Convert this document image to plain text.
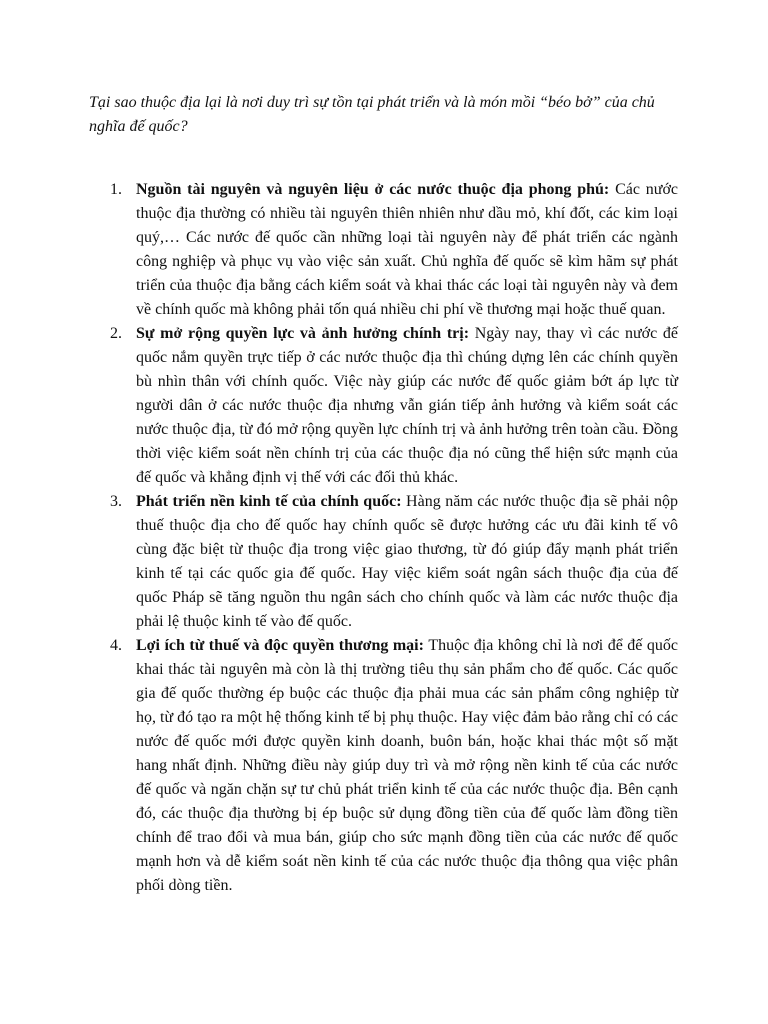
Tại sao thuộc địa lại là nơi duy trì sự tồn tại phát triển và là món mồi “béo bở” của chủ nghĩa đế quốc?

1. Nguồn tài nguyên và nguyên liệu ở các nước thuộc địa phong phú: Các nước thuộc địa thường có nhiều tài nguyên thiên nhiên như dầu mỏ, khí đốt, các kim loại quý,… Các nước đế quốc cần những loại tài nguyên này để phát triển các ngành công nghiệp và phục vụ vào việc sản xuất. Chủ nghĩa đế quốc sẽ kìm hãm sự phát triển của thuộc địa bằng cách kiểm soát và khai thác các loại tài nguyên này và đem về chính quốc mà không phải tốn quá nhiều chi phí về thương mại hoặc thuế quan.
2. Sự mở rộng quyền lực và ảnh hưởng chính trị: Ngày nay, thay vì các nước đế quốc nắm quyền trực tiếp ở các nước thuộc địa thì chúng dựng lên các chính quyền bù nhìn thân với chính quốc. Việc này giúp các nước đế quốc giảm bớt áp lực từ người dân ở các nước thuộc địa nhưng vẫn gián tiếp ảnh hưởng và kiểm soát các nước thuộc địa, từ đó mở rộng quyền lực chính trị và ảnh hưởng trên toàn cầu. Đồng thời việc kiểm soát nền chính trị của các thuộc địa nó cũng thể hiện sức mạnh của đế quốc và khẳng định vị thế với các đối thủ khác.
3. Phát triển nền kinh tế của chính quốc: Hàng năm các nước thuộc địa sẽ phải nộp thuế thuộc địa cho đế quốc hay chính quốc sẽ được hưởng các ưu đãi kinh tế vô cùng đặc biệt từ thuộc địa trong việc giao thương, từ đó giúp đẩy mạnh phát triển kinh tế tại các quốc gia đế quốc. Hay việc kiểm soát ngân sách thuộc địa của đế quốc Pháp sẽ tăng nguồn thu ngân sách cho chính quốc và làm các nước thuộc địa phải lệ thuộc kinh tế vào đế quốc.
4. Lợi ích từ thuế và độc quyền thương mại: Thuộc địa không chỉ là nơi để đế quốc khai thác tài nguyên mà còn là thị trường tiêu thụ sản phẩm cho đế quốc. Các quốc gia đế quốc thường ép buộc các thuộc địa phải mua các sản phẩm công nghiệp từ họ, từ đó tạo ra một hệ thống kinh tế bị phụ thuộc. Hay việc đảm bảo rằng chỉ có các nước đế quốc mới được quyền kinh doanh, buôn bán, hoặc khai thác một số mặt hang nhất định. Những điều này giúp duy trì và mở rộng nền kinh tế của các nước đế quốc và ngăn chặn sự tư chủ phát triển kinh tế của các nước thuộc địa. Bên cạnh đó, các thuộc địa thường bị ép buộc sử dụng đồng tiền của đế quốc làm đồng tiền chính để trao đổi và mua bán, giúp cho sức mạnh đồng tiền của các nước đế quốc mạnh hơn và dễ kiểm soát nền kinh tế của các nước thuộc địa thông qua việc phân phối dòng tiền.
